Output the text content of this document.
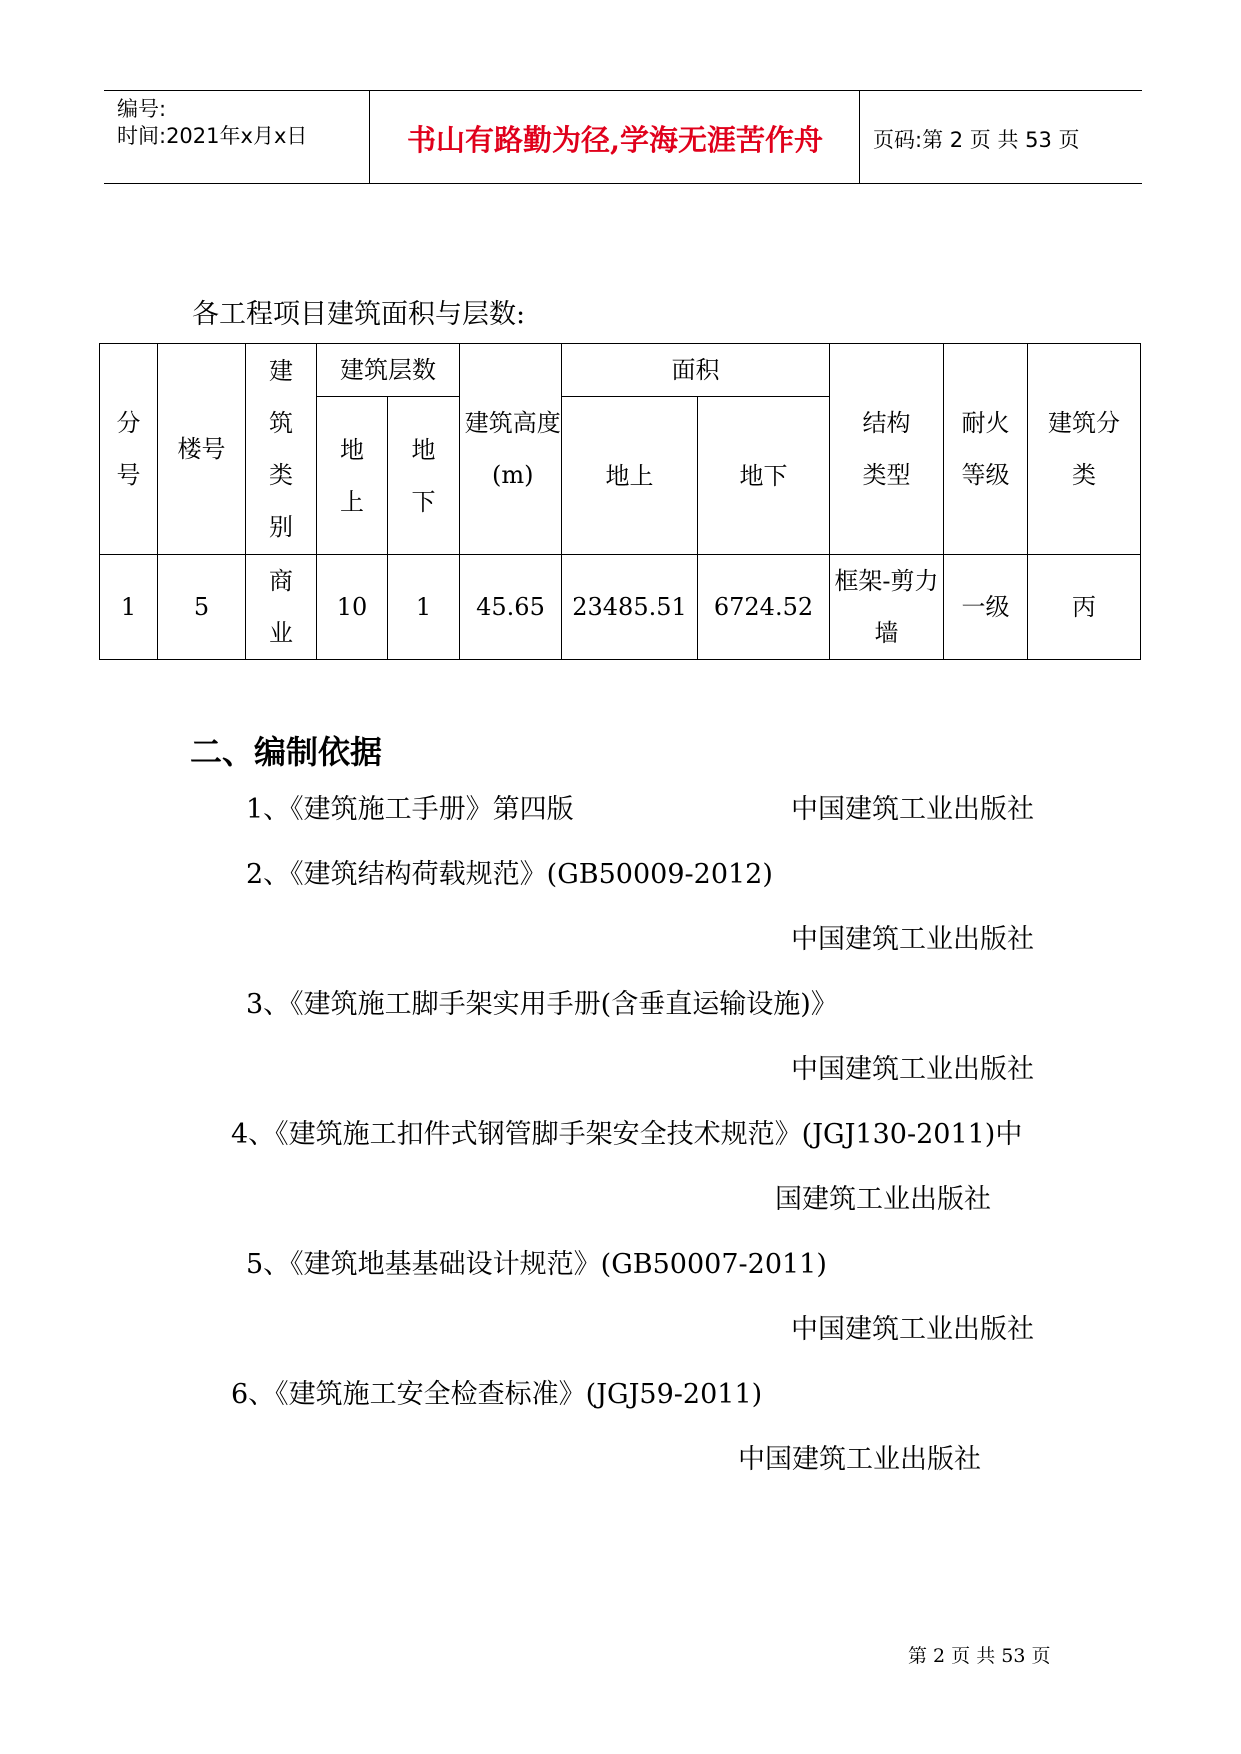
编号:
时间:2021年x月x日	书山有路勤为径,学海无涯苦作舟	页码:第 2 页 共 53 页
各工程项目建筑面积与层数:
分号	楼号	建筑类别	建筑层数		建筑高度(m)	面积		结构类型	耐火等级	建筑分类
			地上	地下		地上	地下			
1	5	商业	10	1	45.65	23485.51	6724.52	框架-剪力墙	一级	丙
二、编制依据
1、《建筑施工手册》第四版	中国建筑工业出版社
2、《建筑结构荷载规范》(GB50009-2012)
中国建筑工业出版社
3、《建筑施工脚手架实用手册(含垂直运输设施)》
中国建筑工业出版社
4、《建筑施工扣件式钢管脚手架安全技术规范》(JGJ130-2011)中
国建筑工业出版社
5、《建筑地基基础设计规范》(GB50007-2011)
中国建筑工业出版社
6、《建筑施工安全检查标准》(JGJ59-2011)
中国建筑工业出版社
第 2 页 共 53 页
